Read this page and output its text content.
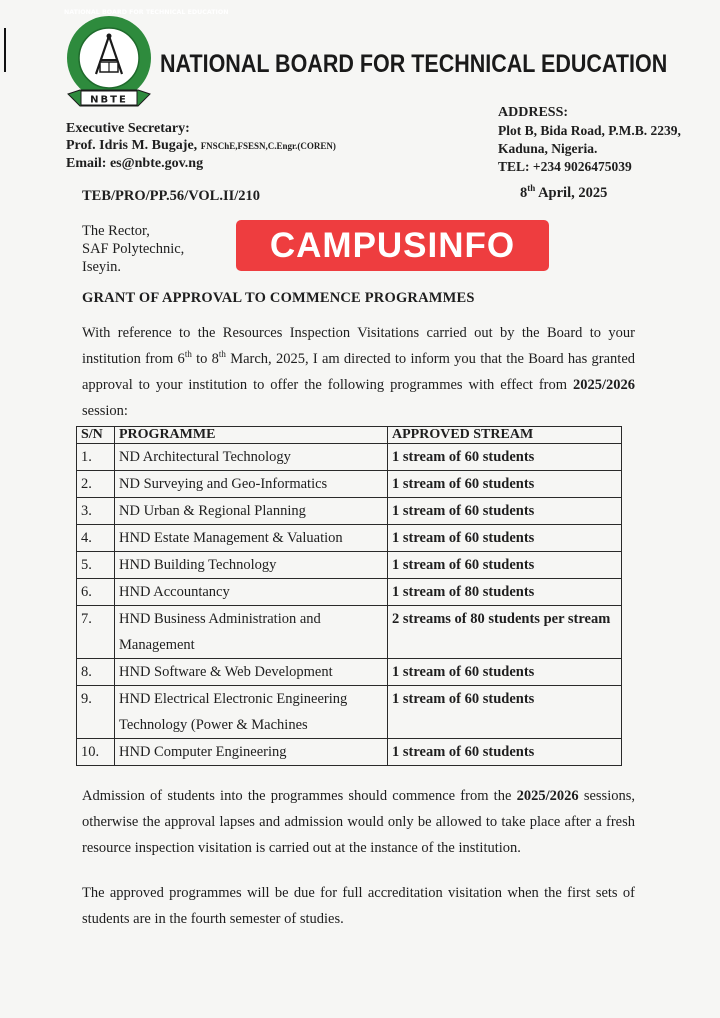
NATIONAL BOARD FOR TECHNICAL EDUCATION
NBTE
NATIONAL BOARD FOR TECHNICAL EDUCATION
Executive Secretary:
Prof. Idris M. Bugaje, FNSChE,FSESN,C.Engr.(COREN)
Email: es@nbte.gov.ng
ADDRESS:
Plot B, Bida Road, P.M.B. 2239,
Kaduna, Nigeria.
TEL: +234 9026475039
TEB/PRO/PP.56/VOL.II/210	8th April, 2025
The Rector,
SAF Polytechnic,
Iseyin.
CAMPUSINFO
GRANT OF APPROVAL TO COMMENCE PROGRAMMES
With reference to the Resources Inspection Visitations carried out by the Board to your institution from 6th to 8th March, 2025, I am directed to inform you that the Board has granted approval to your institution to offer the following programmes with effect from 2025/2026 session:
S/N	PROGRAMME	APPROVED STREAM
1.	ND Architectural Technology	1 stream of 60 students
2.	ND Surveying and Geo-Informatics	1 stream of 60 students
3.	ND Urban & Regional Planning	1 stream of 60 students
4.	HND Estate Management & Valuation	1 stream of 60 students
5.	HND Building Technology	1 stream of 60 students
6.	HND Accountancy	1 stream of 80 students
7.	HND Business Administration and Management	2 streams of 80 students per stream
8.	HND Software & Web Development	1 stream of 60 students
9.	HND Electrical Electronic Engineering Technology (Power & Machines	1 stream of 60 students
10.	HND Computer Engineering	1 stream of 60 students
Admission of students into the programmes should commence from the 2025/2026 sessions, otherwise the approval lapses and admission would only be allowed to take place after a fresh resource inspection visitation is carried out at the instance of the institution.
The approved programmes will be due for full accreditation visitation when the first sets of students are in the fourth semester of studies.
